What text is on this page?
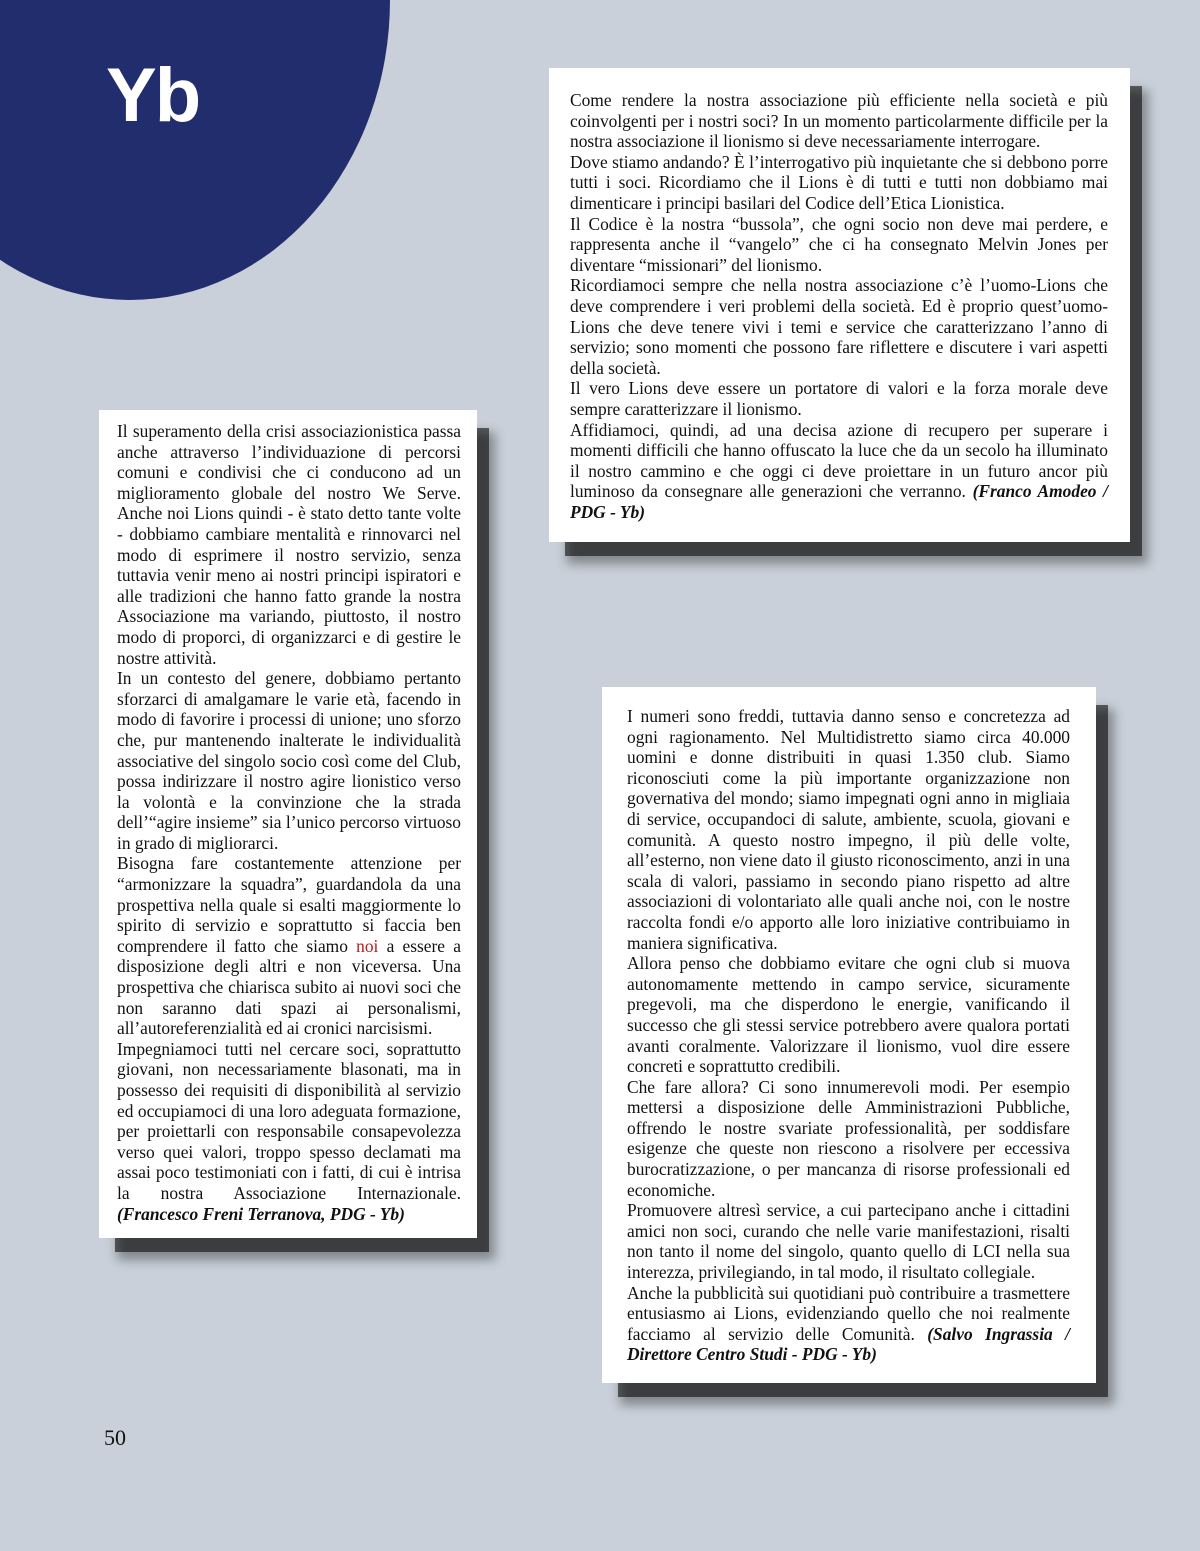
Yb	Come rendere la nostra associazione più efficiente nella società e più coinvolgenti per i nostri soci? In un momento particolarmente difficile per la nostra associazione il lionismo si deve necessariamente interrogare.

Dove stiamo andando? È l’interrogativo più inquietante che si debbono porre tutti i soci. Ricordiamo che il Lions è di tutti e tutti non dobbiamo mai dimenticare i principi basilari del Codice dell’Etica Lionistica.

Il Codice è la nostra “bussola”, che ogni socio non deve mai perdere, e rappresenta anche il “vangelo” che ci ha consegnato Melvin Jones per diventare “missionari” del lionismo.

Ricordiamoci sempre che nella nostra associazione c’è l’uomo-Lions che deve comprendere i veri problemi della società. Ed è proprio quest’uomo-Lions che deve tenere vivi i temi e service che caratterizzano l’anno di servizio; sono momenti che possono fare riflettere e discutere i vari aspetti della società.

Il vero Lions deve essere un portatore di valori e la forza morale deve sempre caratterizzare il lionismo.

Affidiamoci, quindi, ad una decisa azione di recupero per superare i momenti difficili che hanno offuscato la luce che da un secolo ha illuminato il nostro cammino e che oggi ci deve proiettare in un futuro ancor più luminoso da consegnare alle generazioni che verranno. (Franco Amodeo / PDG - Yb)

Il superamento della crisi associazionistica passa anche attraverso l’individuazione di percorsi comuni e condivisi che ci conducono ad un miglioramento globale del nostro We Serve. Anche noi Lions quindi - è stato detto tante volte - dobbiamo cambiare mentalità e rinnovarci nel modo di esprimere il nostro servizio, senza tuttavia venir meno ai nostri principi ispiratori e alle tradizioni che hanno fatto grande la nostra Associazione ma variando, piuttosto, il nostro modo di proporci, di organizzarci e di gestire le nostre attività.

In un contesto del genere, dobbiamo pertanto sforzarci di amalgamare le varie età, facendo in modo di favorire i processi di unione; uno sforzo che, pur mantenendo inalterate le individualità associative del singolo socio così come del Club, possa indirizzare il nostro agire lionistico verso la volontà e la convinzione che la strada dell’“agire insieme” sia l’unico percorso virtuoso in grado di migliorarci.

Bisogna fare costantemente attenzione per “armonizzare la squadra”, guardandola da una prospettiva nella quale si esalti maggiormente lo spirito di servizio e soprattutto si faccia ben comprendere il fatto che siamo noi a essere a disposizione degli altri e non viceversa. Una prospettiva che chiarisca subito ai nuovi soci che non saranno dati spazi ai personalismi, all’autoreferenzialità ed ai cronici narcisismi.

Impegniamoci tutti nel cercare soci, soprattutto giovani, non necessariamente blasonati, ma in possesso dei requisiti di disponibilità al servizio ed occupiamoci di una loro adeguata formazione, per proiettarli con responsabile consapevolezza verso quei valori, troppo spesso declamati ma assai poco testimoniati con i fatti, di cui è intrisa la nostra Associazione Internazionale. (Francesco Freni Terranova, PDG - Yb)

I numeri sono freddi, tuttavia danno senso e concretezza ad ogni ragionamento. Nel Multidistretto siamo circa 40.000 uomini e donne distribuiti in quasi 1.350 club. Siamo riconosciuti come la più importante organizzazione non governativa del mondo; siamo impegnati ogni anno in migliaia di service, occupandoci di salute, ambiente, scuola, giovani e comunità. A questo nostro impegno, il più delle volte, all’esterno, non viene dato il giusto riconoscimento, anzi in una scala di valori, passiamo in secondo piano rispetto ad altre associazioni di volontariato alle quali anche noi, con le nostre raccolta fondi e/o apporto alle loro iniziative contribuiamo in maniera significativa.

Allora penso che dobbiamo evitare che ogni club si muova autonomamente mettendo in campo service, sicuramente pregevoli, ma che disperdono le energie, vanificando il successo che gli stessi service potrebbero avere qualora portati avanti coralmente. Valorizzare il lionismo, vuol dire essere concreti e soprattutto credibili.

Che fare allora? Ci sono innumerevoli modi. Per esempio mettersi a disposizione delle Amministrazioni Pubbliche, offrendo le nostre svariate professionalità, per soddisfare esigenze che queste non riescono a risolvere per eccessiva burocratizzazione, o per mancanza di risorse professionali ed economiche.

Promuovere altresì service, a cui partecipano anche i cittadini amici non soci, curando che nelle varie manifestazioni, risalti non tanto il nome del singolo, quanto quello di LCI nella sua interezza, privilegiando, in tal modo, il risultato collegiale.

Anche la pubblicità sui quotidiani può contribuire a trasmettere entusiasmo ai Lions, evidenziando quello che noi realmente facciamo al servizio delle Comunità. (Salvo Ingrassia / Direttore Centro Studi - PDG - Yb)

50
